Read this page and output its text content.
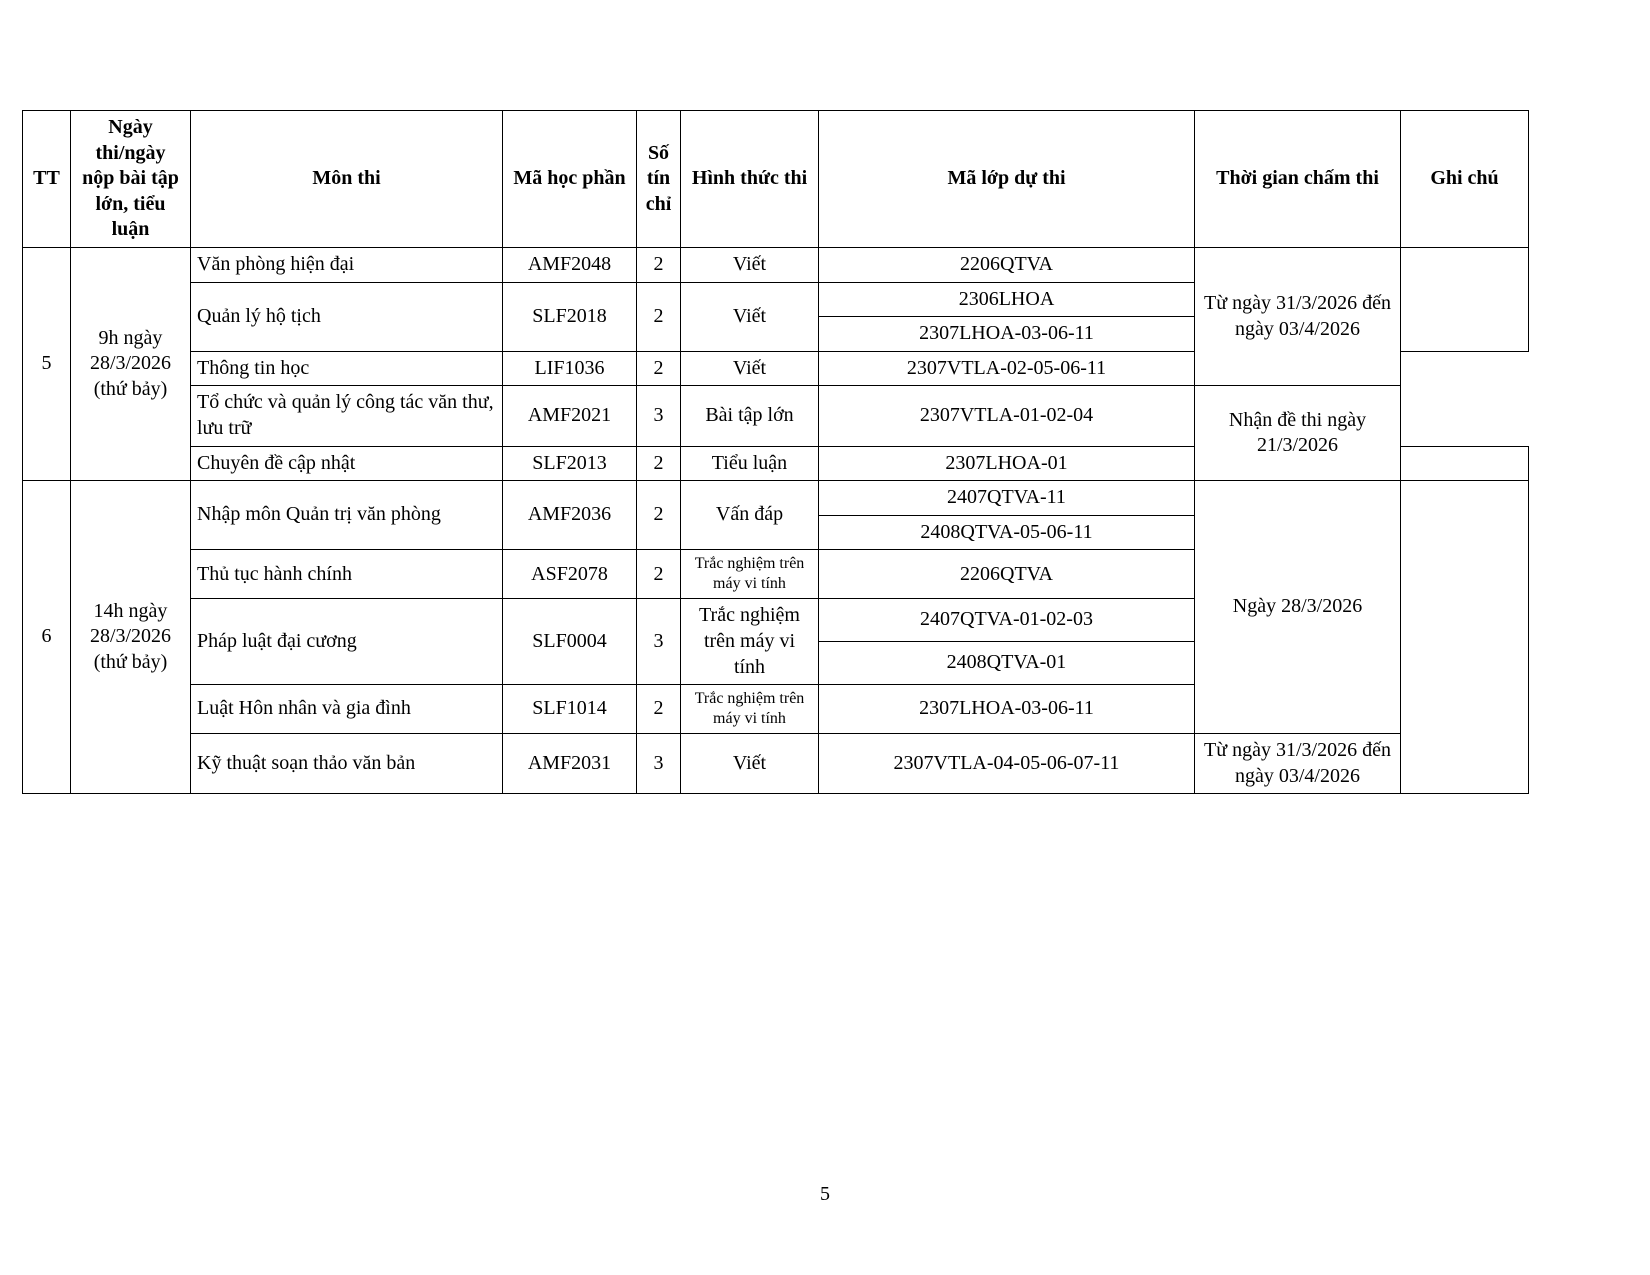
TT	Ngày thi/ngày nộp bài tập lớn, tiểu luận	Môn thi	Mã học phần	Số tín chỉ	Hình thức thi	Mã lớp dự thi	Thời gian chấm thi	Ghi chú
5	9h ngày 28/3/2026 (thứ bảy)	Văn phòng hiện đại	AMF2048	2	Viết	2206QTVA	Từ ngày 31/3/2026 đến ngày 03/4/2026	
		Quản lý hộ tịch	SLF2018	2	Viết	2306LHOA		
						2307LHOA-03-06-11		
		Thông tin học	LIF1036	2	Viết	2307VTLA-02-05-06-11		
		Tổ chức và quản lý công tác văn thư, lưu trữ	AMF2021	3	Bài tập lớn	2307VTLA-01-02-04	Nhận đề thi ngày 21/3/2026	
		Chuyên đề cập nhật	SLF2013	2	Tiểu luận	2307LHOA-01		
6	14h ngày 28/3/2026 (thứ bảy)	Nhập môn Quản trị văn phòng	AMF2036	2	Vấn đáp	2407QTVA-11	Ngày 28/3/2026	
						2408QTVA-05-06-11		
		Thủ tục hành chính	ASF2078	2	Trắc nghiệm trên máy vi tính	2206QTVA		
		Pháp luật đại cương	SLF0004	3	Trắc nghiệm trên máy vi tính	2407QTVA-01-02-03		
						2408QTVA-01		
		Luật Hôn nhân và gia đình	SLF1014	2	Trắc nghiệm trên máy vi tính	2307LHOA-03-06-11		
		Kỹ thuật soạn thảo văn bản	AMF2031	3	Viết	2307VTLA-04-05-06-07-11	Từ ngày 31/3/2026 đến ngày 03/4/2026	
5
